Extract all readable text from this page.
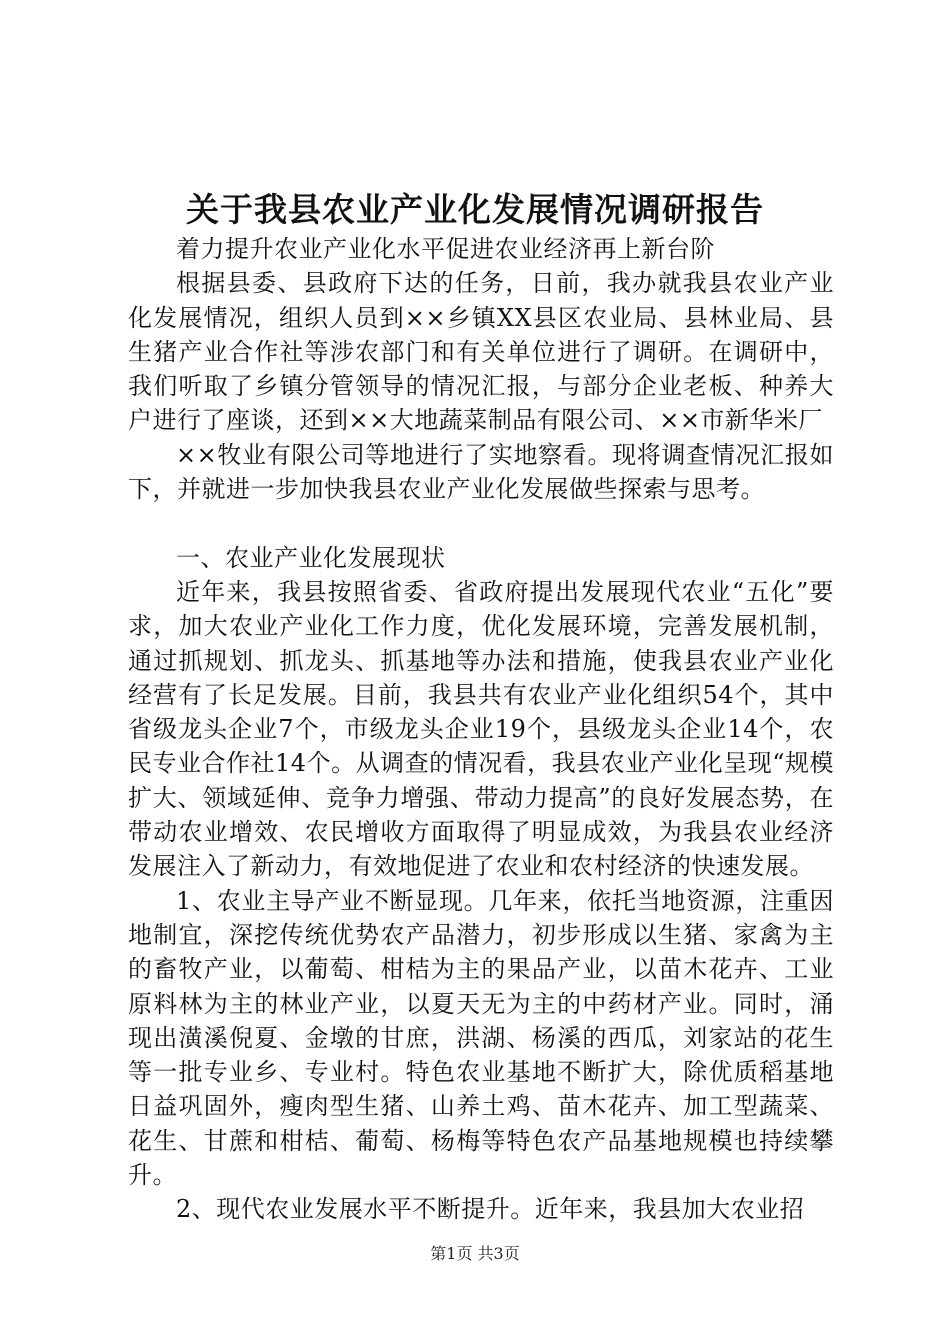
关于我县农业产业化发展情况调研报告

着力提升农业产业化水平促进农业经济再上新台阶

根据县委、县政府下达的任务，日前，我办就我县农业产业化发展情况，组织人员到××乡镇XX县区农业局、县林业局、县生猪产业合作社等涉农部门和有关单位进行了调研。在调研中，我们听取了乡镇分管领导的情况汇报，与部分企业老板、种养大户进行了座谈，还到××大地蔬菜制品有限公司、××市新华米厂

××牧业有限公司等地进行了实地察看。现将调查情况汇报如下，并就进一步加快我县农业产业化发展做些探索与思考。

一、农业产业化发展现状

近年来，我县按照省委、省政府提出发展现代农业“五化”要求，加大农业产业化工作力度，优化发展环境，完善发展机制，通过抓规划、抓龙头、抓基地等办法和措施，使我县农业产业化经营有了长足发展。目前，我县共有农业产业化组织54个，其中省级龙头企业7个，市级龙头企业19个，县级龙头企业14个，农民专业合作社14个。从调查的情况看，我县农业产业化呈现“规模扩大、领域延伸、竞争力增强、带动力提高”的良好发展态势，在带动农业增效、农民增收方面取得了明显成效，为我县农业经济发展注入了新动力，有效地促进了农业和农村经济的快速发展。

1、农业主导产业不断显现。几年来，依托当地资源，注重因地制宜，深挖传统优势农产品潜力，初步形成以生猪、家禽为主的畜牧产业，以葡萄、柑桔为主的果品产业，以苗木花卉、工业原料林为主的林业产业，以夏天无为主的中药材产业。同时，涌现出潢溪倪夏、金墩的甘庶，洪湖、杨溪的西瓜，刘家站的花生等一批专业乡、专业村。特色农业基地不断扩大，除优质稻基地日益巩固外，瘦肉型生猪、山养土鸡、苗木花卉、加工型蔬菜、花生、甘蔗和柑桔、葡萄、杨梅等特色农产品基地规模也持续攀升。

2、现代农业发展水平不断提升。近年来，我县加大农业招

第1页 共3页
